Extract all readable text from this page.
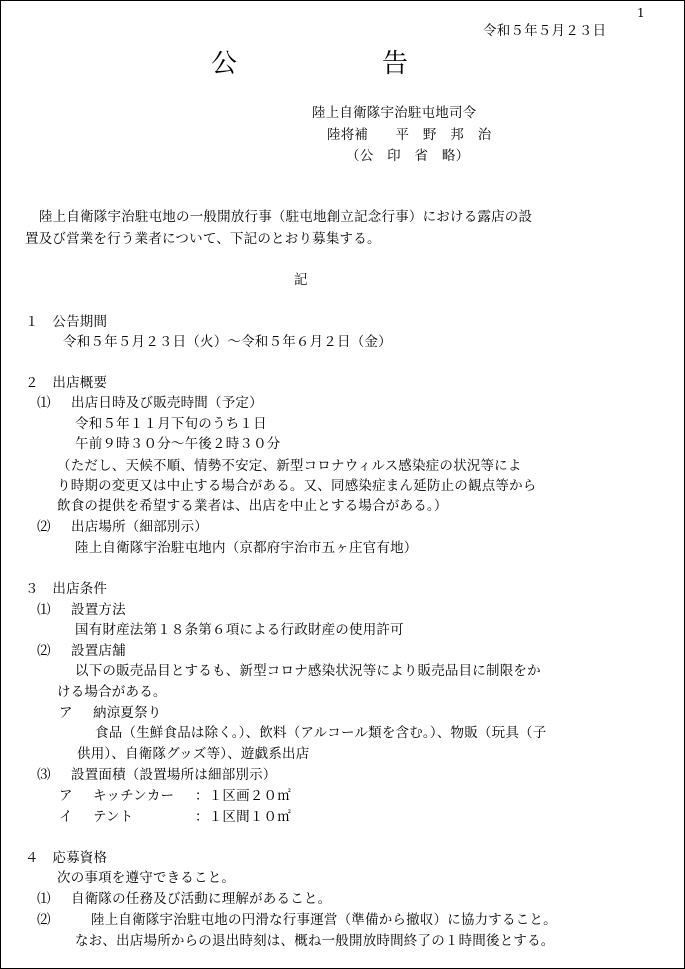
1
令和５年５月２３日
公	告
陸上自衛隊宇治駐屯地司令
陸将補　　平　野　邦　治
（公　印　省　略）
陸上自衛隊宇治駐屯地の一般開放行事（駐屯地創立記念行事）における露店の設
置及び営業を行う業者について、下記のとおり募集する。
記
１　公告期間
令和５年５月２３日（火）～令和５年６月２日（金）
２　出店概要
⑴ 出店日時及び販売時間（予定）
令和５年１１月下旬のうち１日
午前９時３０分～午後２時３０分
（ただし、天候不順、情勢不安定、新型コロナウィルス感染症の状況等によ
り時期の変更又は中止する場合がある。又、同感染症まん延防止の観点等から
飲食の提供を希望する業者は、出店を中止とする場合がある。）
⑵ 出店場所（細部別示）
陸上自衛隊宇治駐屯地内（京都府宇治市五ヶ庄官有地）
３　出店条件
⑴ 設置方法
国有財産法第１８条第６項による行政財産の使用許可
⑵ 設置店舗
以下の販売品目とするも、新型コロナ感染状況等により販売品目に制限をか
ける場合がある。
ア 納涼夏祭り
食品（生鮮食品は除く。）、飲料（アルコール類を含む。）、物販（玩具（子
供用）、自衛隊グッズ等）、遊戯系出店
⑶ 設置面積（設置場所は細部別示）
ア キッチンカー ：１区画２０㎡
イ テント	：１区間１０㎡
４　応募資格
次の事項を遵守できること。
⑴ 自衛隊の任務及び活動に理解があること。
⑵	陸上自衛隊宇治駐屯地の円滑な行事運営（準備から撤収）に協力すること。
なお、出店場所からの退出時刻は、概ね一般開放時間終了の１時間後とする。
